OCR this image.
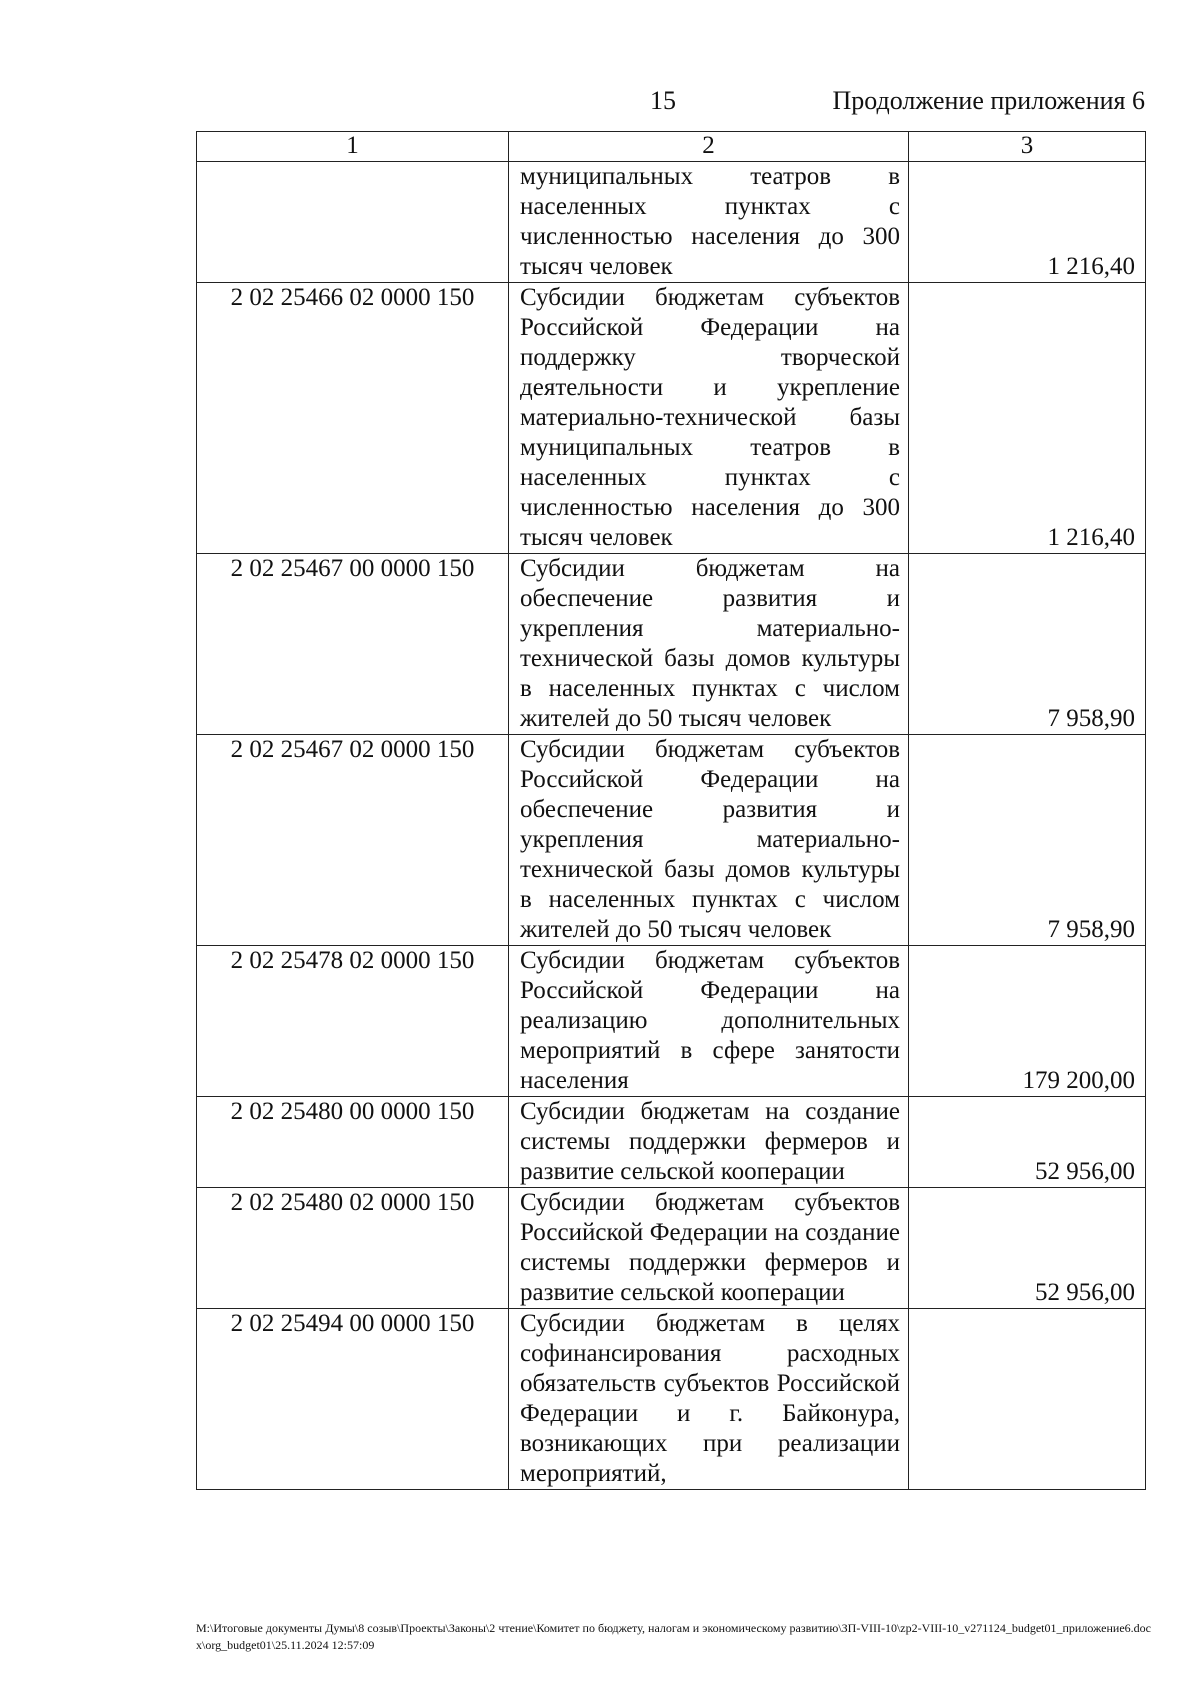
15	Продолжение приложения 6
1	2	3
	муниципальных театров в населенных пунктах с численностью населения до 300 тысяч человек	1 216,40
2 02 25466 02 0000 150	Субсидии бюджетам субъектов Российской Федерации на поддержку творческой деятельности и укрепление материально-технической базы муниципальных театров в населенных пунктах с численностью населения до 300 тысяч человек	1 216,40
2 02 25467 00 0000 150	Субсидии бюджетам на обеспечение развития и укрепления материально-технической базы домов культуры в населенных пунктах с числом жителей до 50 тысяч человек	7 958,90
2 02 25467 02 0000 150	Субсидии бюджетам субъектов Российской Федерации на обеспечение развития и укрепления материально-технической базы домов культуры в населенных пунктах с числом жителей до 50 тысяч человек	7 958,90
2 02 25478 02 0000 150	Субсидии бюджетам субъектов Российской Федерации на реализацию дополнительных мероприятий в сфере занятости населения	179 200,00
2 02 25480 00 0000 150	Субсидии бюджетам на создание системы поддержки фермеров и развитие сельской кооперации	52 956,00
2 02 25480 02 0000 150	Субсидии бюджетам субъектов Российской Федерации на создание системы поддержки фермеров и развитие сельской кооперации	52 956,00
2 02 25494 00 0000 150	Субсидии бюджетам в целях софинансирования расходных обязательств субъектов Российской Федерации и г. Байконура, возникающих при реализации мероприятий,	
M:\Итоговые документы Думы\8 созыв\Проекты\Законы\2 чтение\Комитет по бюджету, налогам и экономическому развитию\ЗП-VIII-10\zp2-VIII-10_v271124_budget01_приложение6.docx\org_budget01\25.11.2024 12:57:09
